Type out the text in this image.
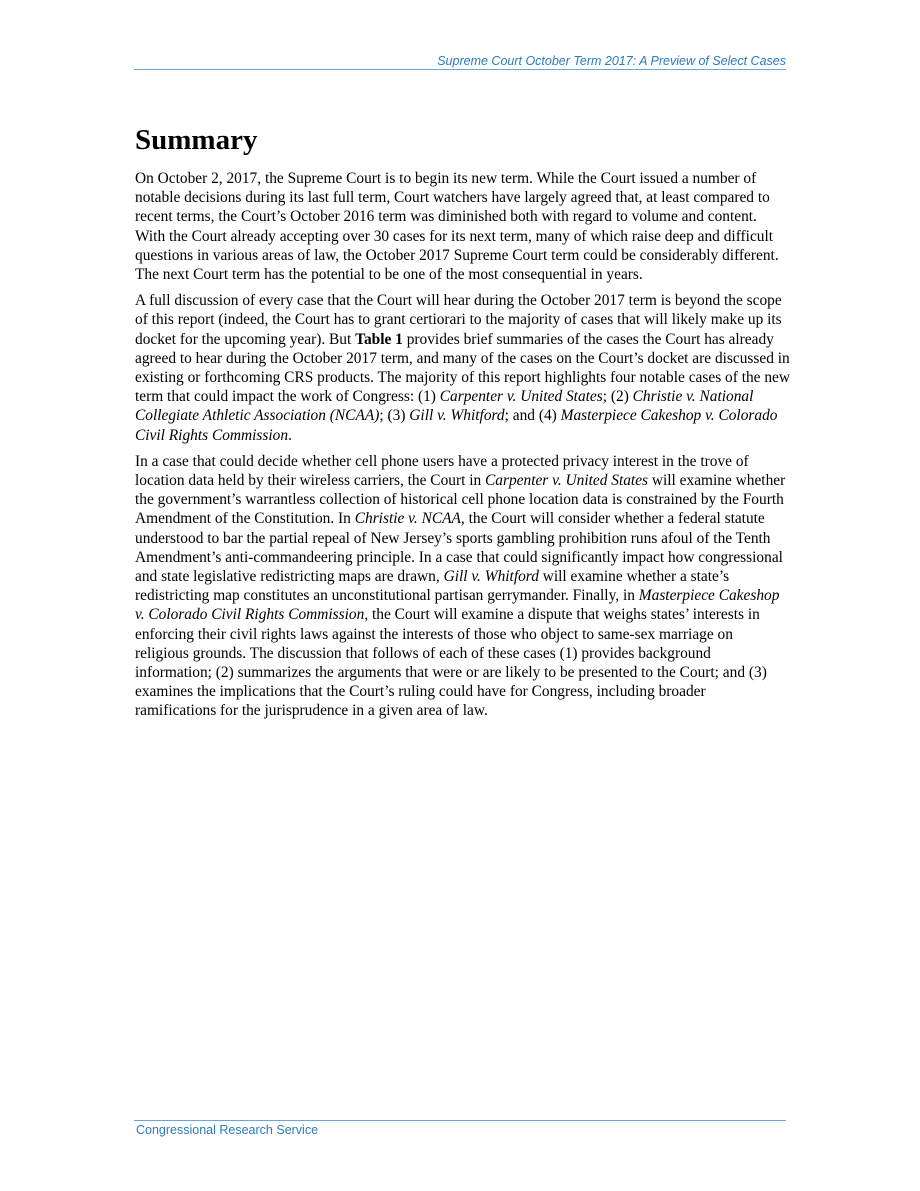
Supreme Court October Term 2017: A Preview of Select Cases
Summary

On October 2, 2017, the Supreme Court is to begin its new term. While the Court issued a number of notable decisions during its last full term, Court watchers have largely agreed that, at least compared to recent terms, the Court’s October 2016 term was diminished both with regard to volume and content. With the Court already accepting over 30 cases for its next term, many of which raise deep and difficult questions in various areas of law, the October 2017 Supreme Court term could be considerably different. The next Court term has the potential to be one of the most consequential in years.

A full discussion of every case that the Court will hear during the October 2017 term is beyond the scope of this report (indeed, the Court has to grant certiorari to the majority of cases that will likely make up its docket for the upcoming year). But Table 1 provides brief summaries of the cases the Court has already agreed to hear during the October 2017 term, and many of the cases on the Court’s docket are discussed in existing or forthcoming CRS products. The majority of this report highlights four notable cases of the new term that could impact the work of Congress: (1) Carpenter v. United States; (2) Christie v. National Collegiate Athletic Association (NCAA); (3) Gill v. Whitford; and (4) Masterpiece Cakeshop v. Colorado Civil Rights Commission.

In a case that could decide whether cell phone users have a protected privacy interest in the trove of location data held by their wireless carriers, the Court in Carpenter v. United States will examine whether the government’s warrantless collection of historical cell phone location data is constrained by the Fourth Amendment of the Constitution. In Christie v. NCAA, the Court will consider whether a federal statute understood to bar the partial repeal of New Jersey’s sports gambling prohibition runs afoul of the Tenth Amendment’s anti-commandeering principle. In a case that could significantly impact how congressional and state legislative redistricting maps are drawn, Gill v. Whitford will examine whether a state’s redistricting map constitutes an unconstitutional partisan gerrymander. Finally, in Masterpiece Cakeshop v. Colorado Civil Rights Commission, the Court will examine a dispute that weighs states’ interests in enforcing their civil rights laws against the interests of those who object to same-sex marriage on religious grounds. The discussion that follows of each of these cases (1) provides background information; (2) summarizes the arguments that were or are likely to be presented to the Court; and (3) examines the implications that the Court’s ruling could have for Congress, including broader ramifications for the jurisprudence in a given area of law.

Congressional Research Service
